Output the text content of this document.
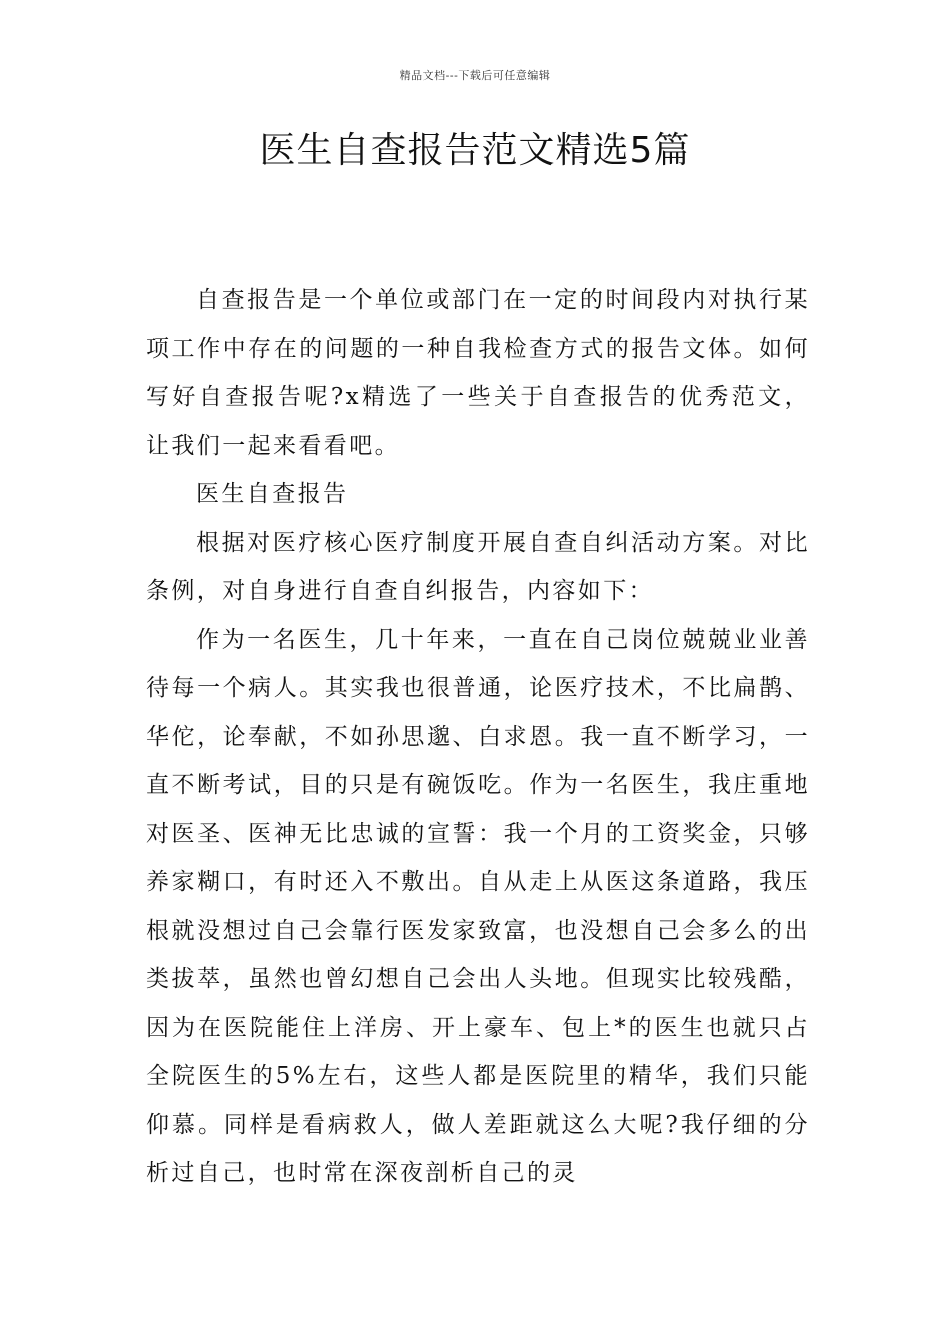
精品文档---下载后可任意编辑
医生自查报告范文精选5篇

自查报告是一个单位或部门在一定的时间段内对执行某项工作中存在的问题的一种自我检查方式的报告文体。如何写好自查报告呢?x精选了一些关于自查报告的优秀范文，让我们一起来看看吧。

医生自查报告

根据对医疗核心医疗制度开展自查自纠活动方案。对比条例，对自身进行自查自纠报告，内容如下：

作为一名医生，几十年来，一直在自己岗位兢兢业业善待每一个病人。其实我也很普通，论医疗技术，不比扁鹊、华佗，论奉献，不如孙思邈、白求恩。我一直不断学习，一直不断考试，目的只是有碗饭吃。作为一名医生，我庄重地对医圣、医神无比忠诚的宣誓：我一个月的工资奖金，只够养家糊口，有时还入不敷出。自从走上从医这条道路，我压根就没想过自己会靠行医发家致富，也没想自己会多么的出类拔萃，虽然也曾幻想自己会出人头地。但现实比较残酷，因为在医院能住上洋房、开上豪车、包上*的医生也就只占全院医生的5%左右，这些人都是医院里的精华，我们只能仰慕。同样是看病救人，做人差距就这么大呢?我仔细的分析过自己，也时常在深夜剖析自己的灵
